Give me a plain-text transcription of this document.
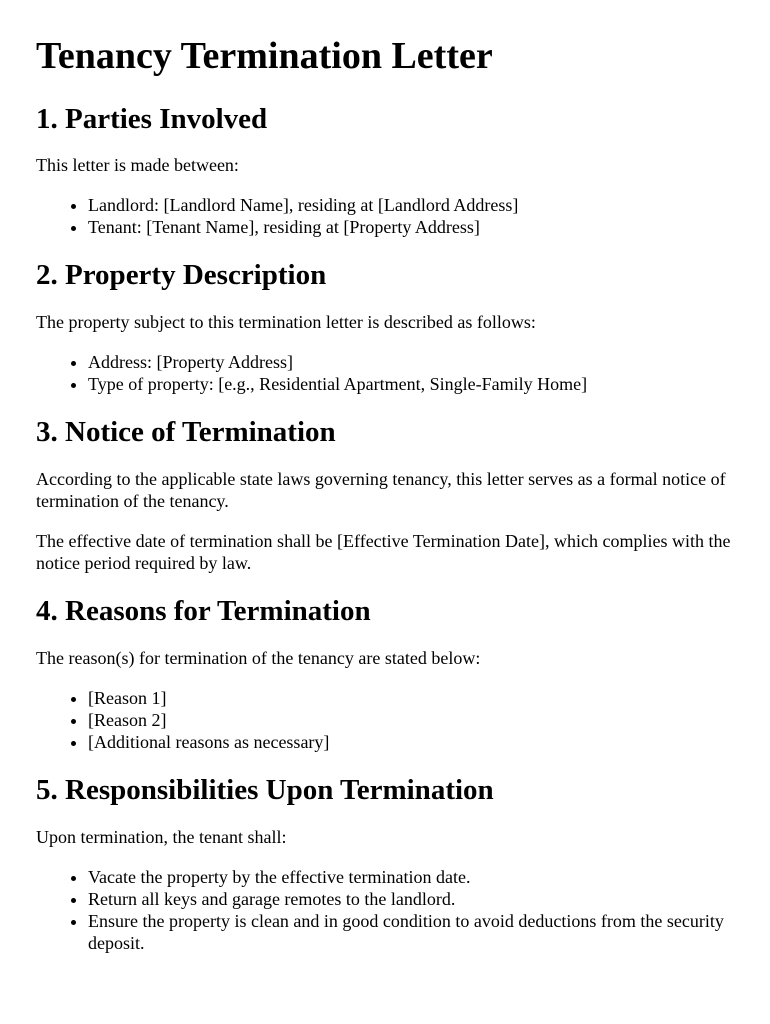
Tenancy Termination Letter
1. Parties Involved

This letter is made between:

• Landlord: [Landlord Name], residing at [Landlord Address]
• Tenant: [Tenant Name], residing at [Property Address]
2. Property Description

The property subject to this termination letter is described as follows:

• Address: [Property Address]
• Type of property: [e.g., Residential Apartment, Single-Family Home]
3. Notice of Termination

According to the applicable state laws governing tenancy, this letter serves as a formal notice of termination of the tenancy.

The effective date of termination shall be [Effective Termination Date], which complies with the notice period required by law.

4. Reasons for Termination

The reason(s) for termination of the tenancy are stated below:

• [Reason 1]
• [Reason 2]
• [Additional reasons as necessary]
5. Responsibilities Upon Termination

Upon termination, the tenant shall:

• Vacate the property by the effective termination date.
• Return all keys and garage remotes to the landlord.
• Ensure the property is clean and in good condition to avoid deductions from the security deposit.
